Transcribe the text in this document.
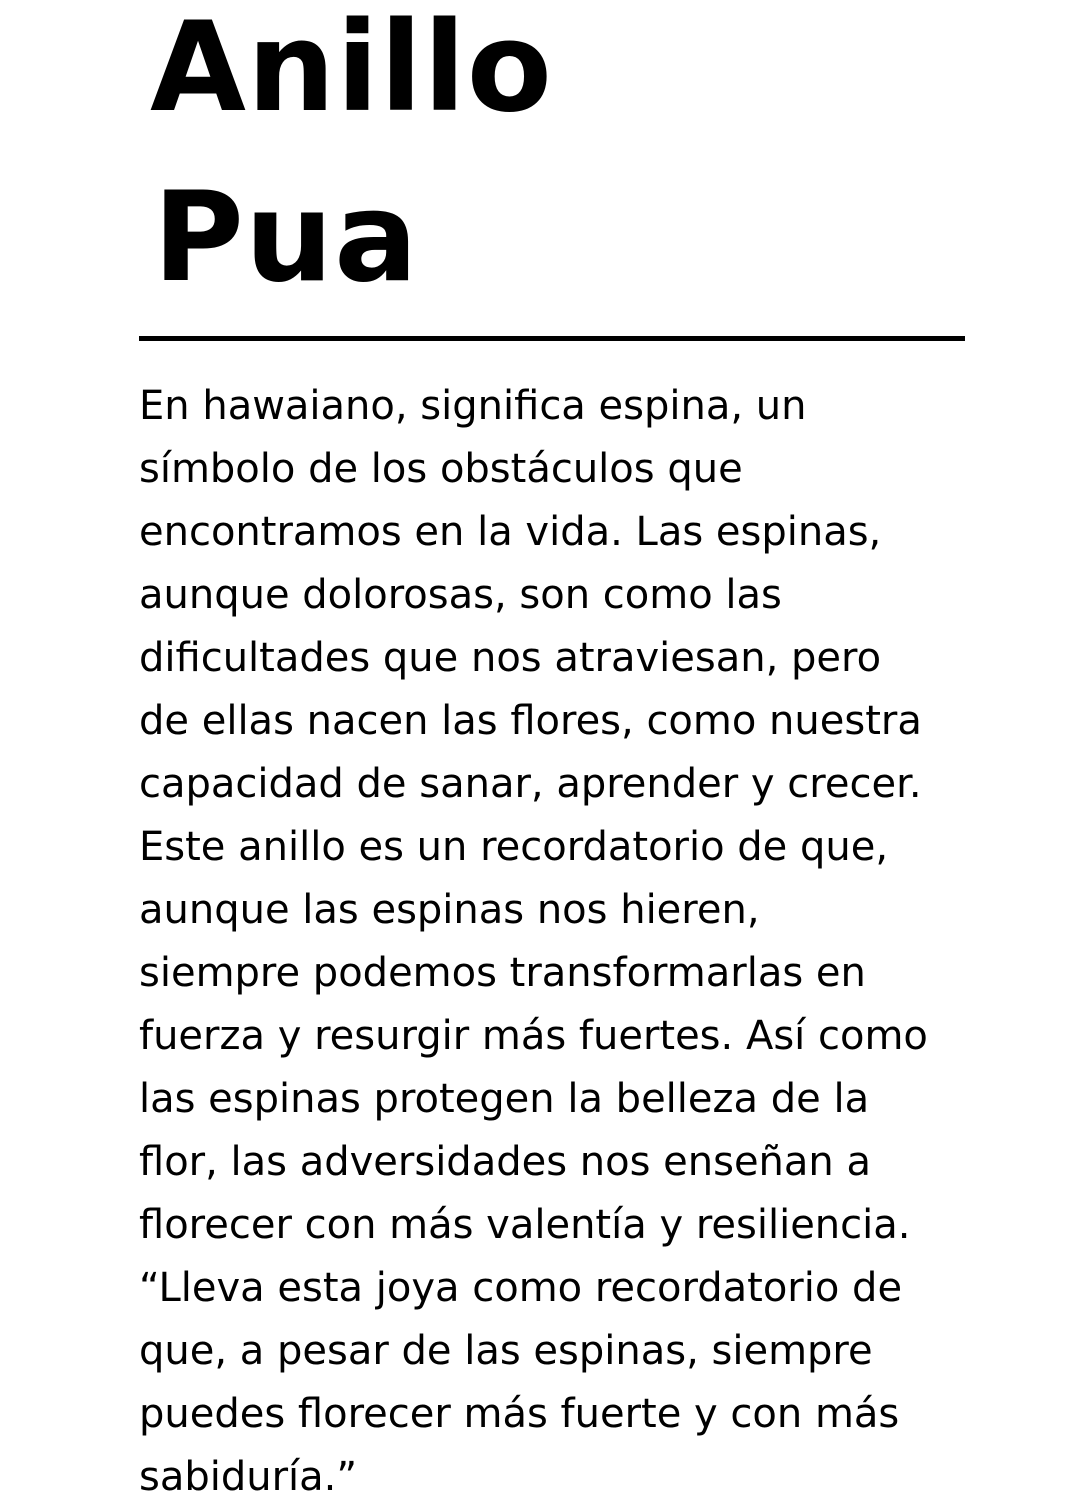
Anillo
Pua

En hawaiano, significa espina, un
símbolo de los obstáculos que
encontramos en la vida. Las espinas,
aunque dolorosas, son como las
dificultades que nos atraviesan, pero
de ellas nacen las flores, como nuestra
capacidad de sanar, aprender y crecer.
Este anillo es un recordatorio de que,
aunque las espinas nos hieren,
siempre podemos transformarlas en
fuerza y resurgir más fuertes. Así como
las espinas protegen la belleza de la
flor, las adversidades nos enseñan a
florecer con más valentía y resiliencia.
“Lleva esta joya como recordatorio de
que, a pesar de las espinas, siempre
puedes florecer más fuerte y con más
sabiduría.”
